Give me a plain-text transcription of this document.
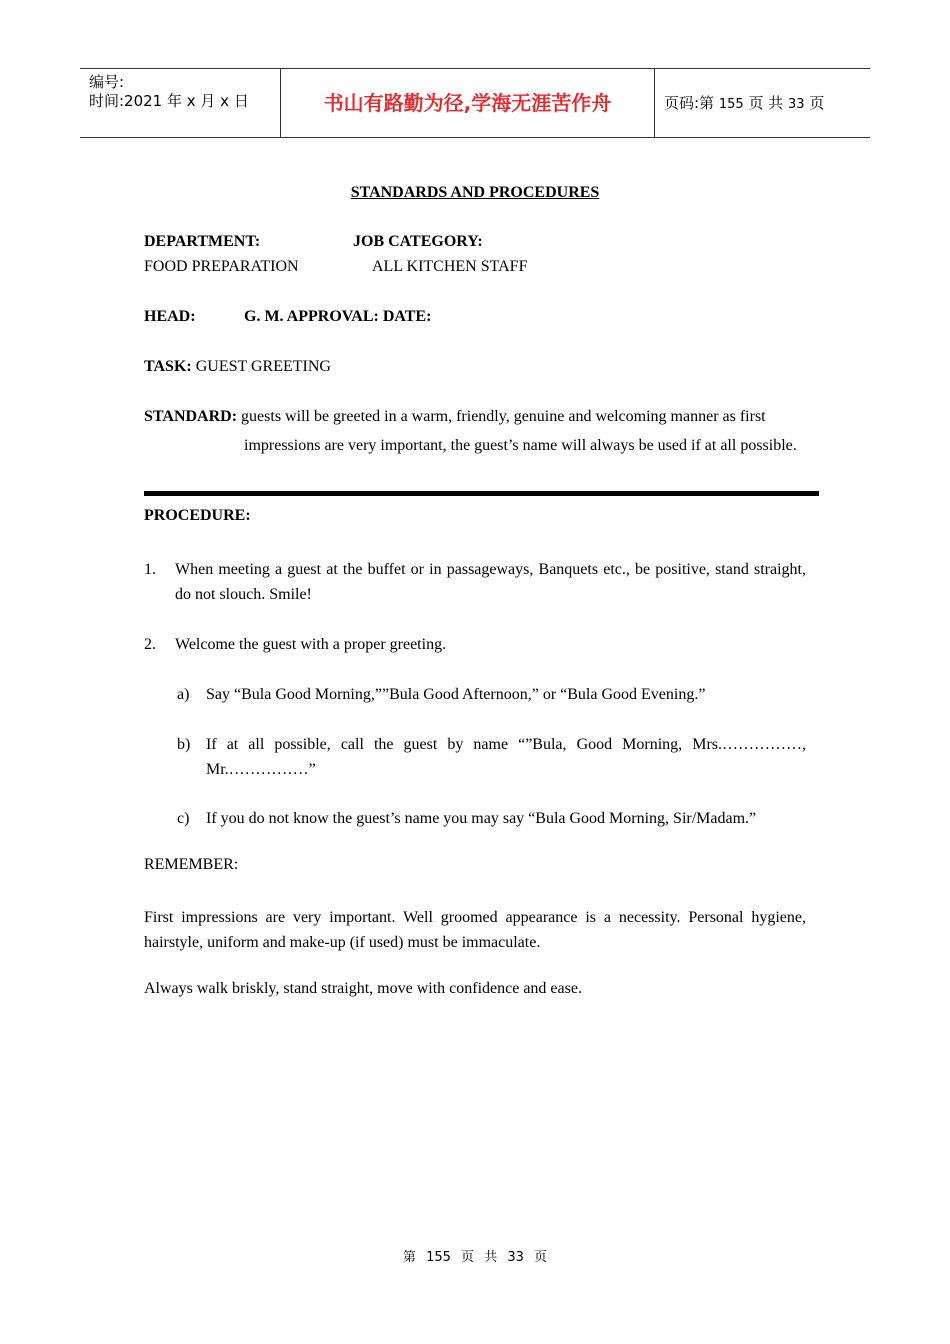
编号:
时间:2021 年 x 月 x 日	书山有路勤为径,学海无涯苦作舟	页码:第 155 页 共 33 页
STANDARDS AND PROCEDURES
DEPARTMENT:	JOB CATEGORY:
FOOD PREPARATION	ALL KITCHEN STAFF
HEAD:	G. M. APPROVAL: DATE:
TASK: GUEST GREETING
STANDARD: guests will be greeted in a warm, friendly, genuine and welcoming manner as first
impressions are very important, the guest’s name will always be used if at all possible.
PROCEDURE:
1. When meeting a guest at the buffet or in passageways, Banquets etc., be positive, stand straight, do not slouch. Smile!
2. Welcome the guest with a proper greeting.
a) Say “Bula Good Morning,””Bula Good Afternoon,” or “Bula Good Evening.”
b) If at all possible, call the guest by name “”Bula, Good Morning, Mrs.……………, Mr.……………”
c) If you do not know the guest’s name you may say “Bula Good Morning, Sir/Madam.”
REMEMBER:
First impressions are very important. Well groomed appearance is a necessity. Personal hygiene, hairstyle, uniform and make-up (if used) must be immaculate.
Always walk briskly, stand straight, move with confidence and ease.
第 155 页 共 33 页
